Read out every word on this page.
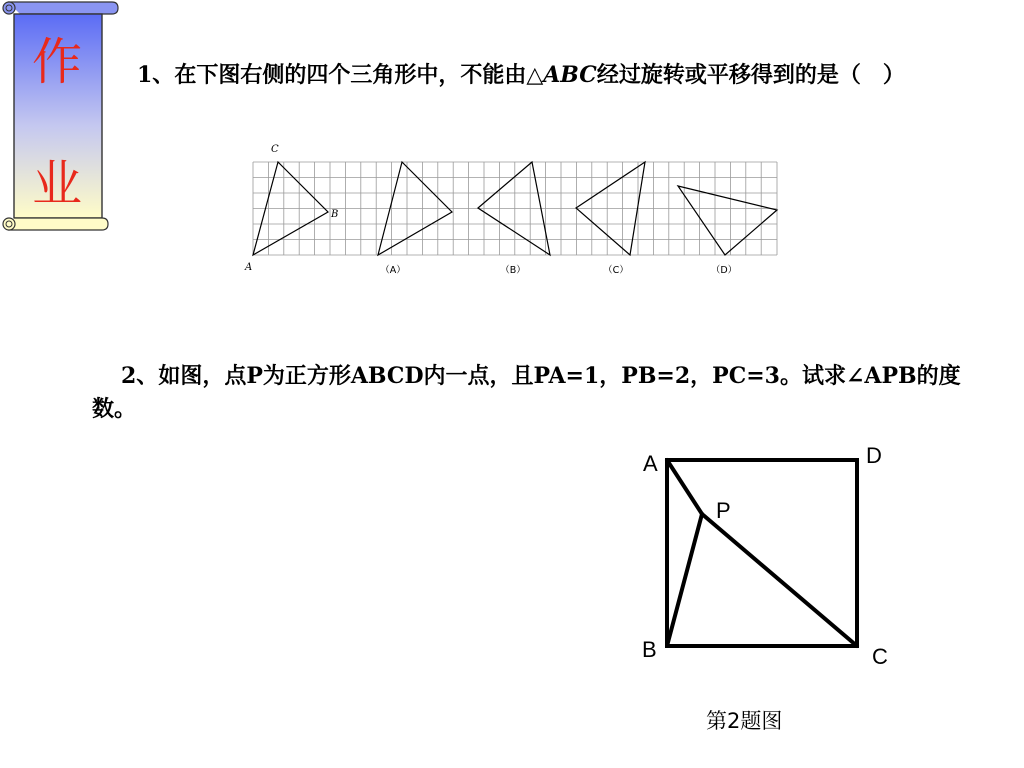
作
业
1、在下图右侧的四个三角形中，不能由△ABC经过旋转或平移得到的是（　）
C
B
A	（A）	（B）	（C）	（D）
2、如图，点P为正方形ABCD内一点，且PA=1，PB=2，PC=3。试求∠APB的度数。
A	D
P
B	C
第2题图
